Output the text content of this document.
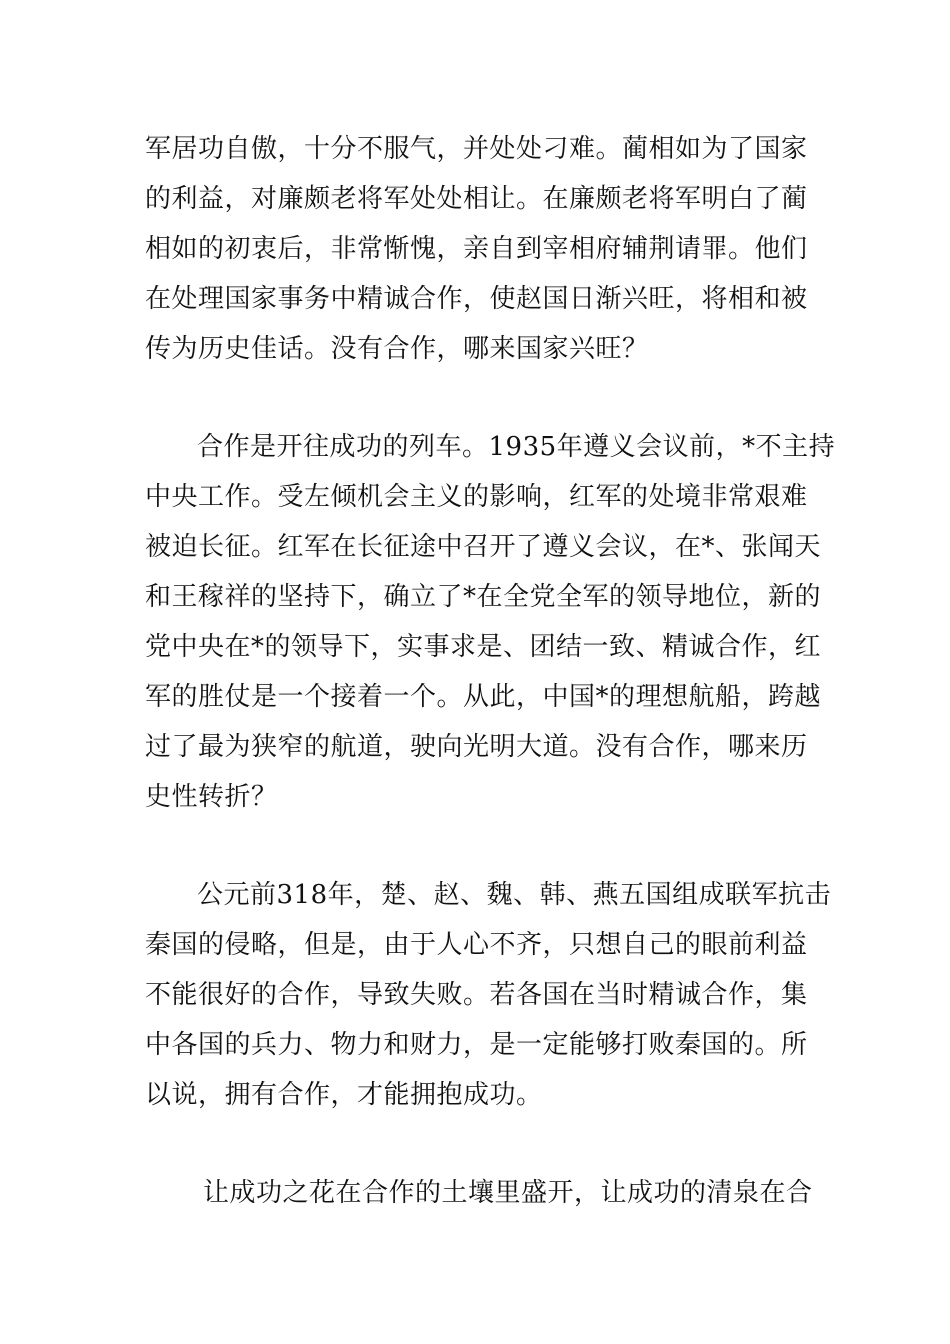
军居功自傲，十分不服气，并处处刁难。蔺相如为了国家
的利益，对廉颇老将军处处相让。在廉颇老将军明白了蔺
相如的初衷后，非常惭愧，亲自到宰相府辅荆请罪。他们
在处理国家事务中精诚合作，使赵国日渐兴旺，将相和被
传为历史佳话。没有合作，哪来国家兴旺？
合作是开往成功的列车。1935年遵义会议前，*不主持
中央工作。受左倾机会主义的影响，红军的处境非常艰难
被迫长征。红军在长征途中召开了遵义会议，在*、张闻天
和王稼祥的坚持下，确立了*在全党全军的领导地位，新的
党中央在*的领导下，实事求是、团结一致、精诚合作，红
军的胜仗是一个接着一个。从此，中国*的理想航船，跨越
过了最为狭窄的航道，驶向光明大道。没有合作，哪来历
史性转折？
公元前318年，楚、赵、魏、韩、燕五国组成联军抗击
秦国的侵略，但是，由于人心不齐，只想自己的眼前利益
不能很好的合作，导致失败。若各国在当时精诚合作，集
中各国的兵力、物力和财力，是一定能够打败秦国的。所
以说，拥有合作，才能拥抱成功。
让成功之花在合作的土壤里盛开，让成功的清泉在合
